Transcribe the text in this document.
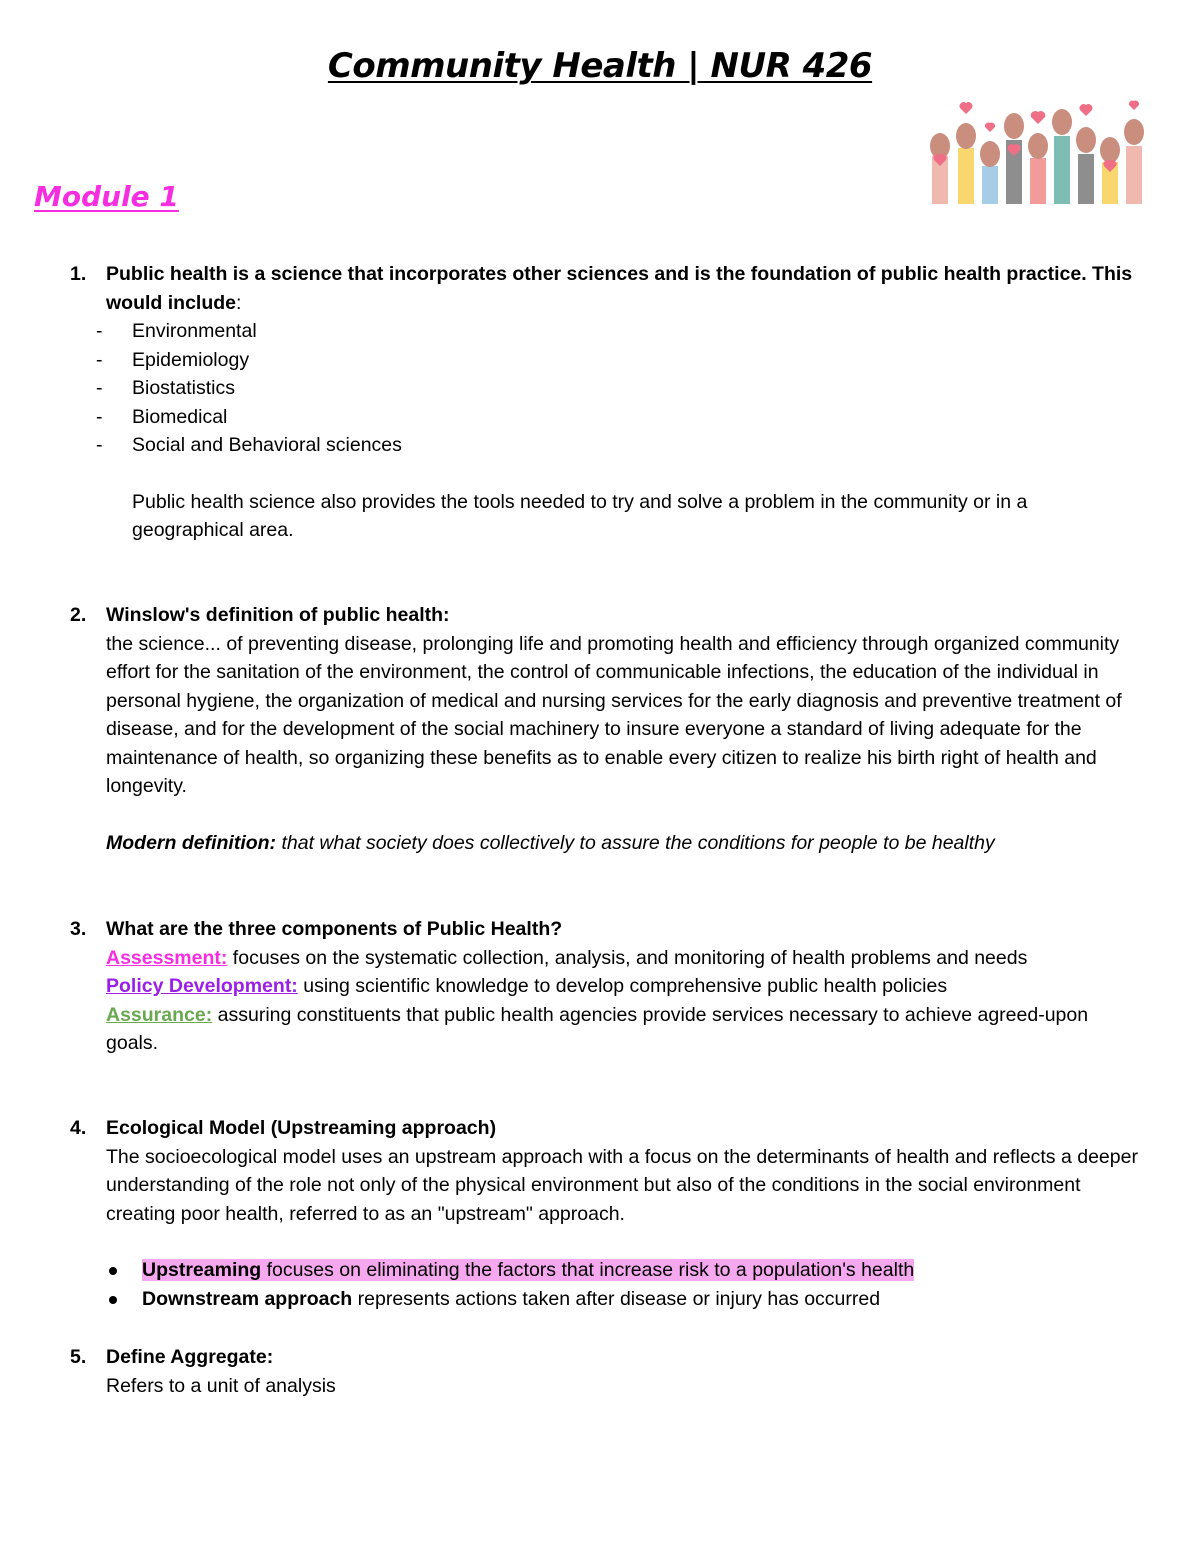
Community Health | NUR 426
Module 1
1. Public health is a science that incorporates other sciences and is the foundation of public health practice. This would include:
- Environmental
- Epidemiology
- Biostatistics
- Biomedical
- Social and Behavioral sciences
Public health science also provides the tools needed to try and solve a problem in the community or in a geographical area.
2. Winslow's definition of public health:
the science... of preventing disease, prolonging life and promoting health and efficiency through organized community effort for the sanitation of the environment, the control of communicable infections, the education of the individual in personal hygiene, the organization of medical and nursing services for the early diagnosis and preventive treatment of disease, and for the development of the social machinery to insure everyone a standard of living adequate for the maintenance of health, so organizing these benefits as to enable every citizen to realize his birth right of health and longevity.
Modern definition: that what society does collectively to assure the conditions for people to be healthy
3. What are the three components of Public Health?
Assessment: focuses on the systematic collection, analysis, and monitoring of health problems and needs
Policy Development: using scientific knowledge to develop comprehensive public health policies
Assurance: assuring constituents that public health agencies provide services necessary to achieve agreed-upon goals.
4. Ecological Model (Upstreaming approach)
The socioecological model uses an upstream approach with a focus on the determinants of health and reflects a deeper understanding of the role not only of the physical environment but also of the conditions in the social environment creating poor health, referred to as an "upstream" approach.
Upstreaming focuses on eliminating the factors that increase risk to a population's health
Downstream approach represents actions taken after disease or injury has occurred
5. Define Aggregate:
Refers to a unit of analysis
